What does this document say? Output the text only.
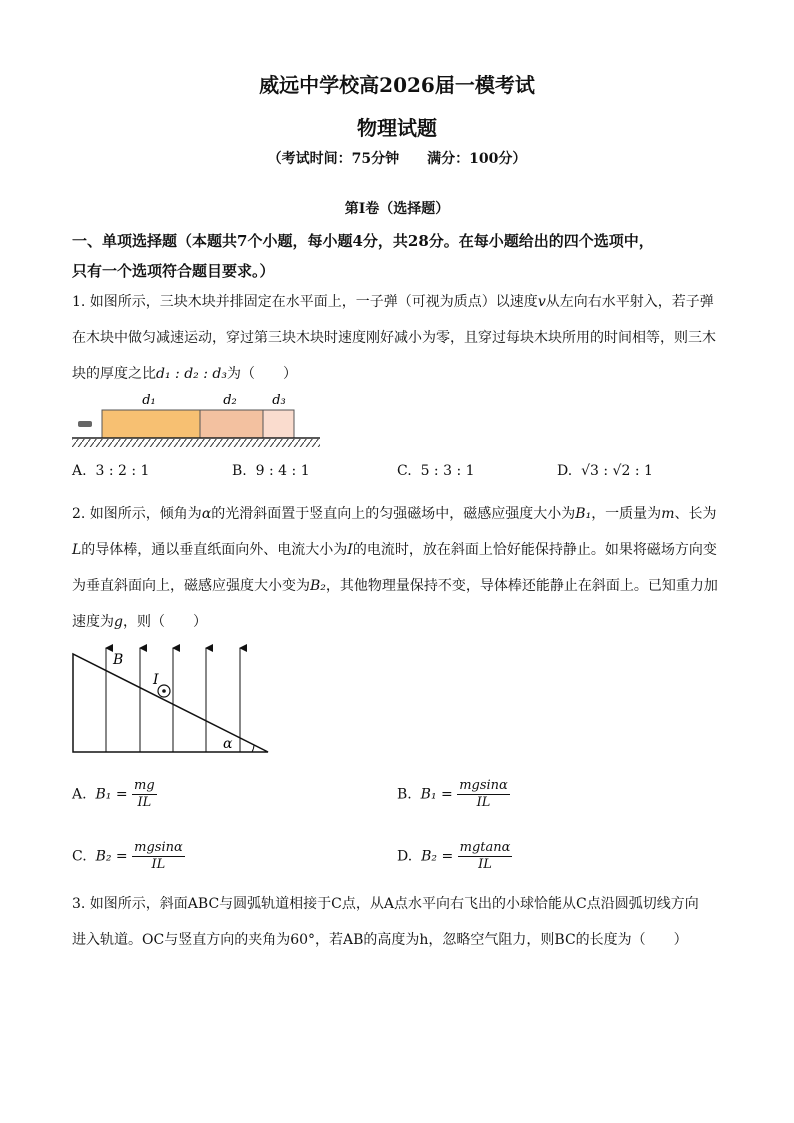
威远中学校高2026届一模考试
物理试题
（考试时间：75分钟　　满分：100分）
第I卷（选择题）
一、单项选择题（本题共7个小题，每小题4分，共28分。在每小题给出的四个选项中，
只有一个选项符合题目要求。）
1. 如图所示，三块木块并排固定在水平面上，一子弹（可视为质点）以速度v从左向右水平射入，若子弹
在木块中做匀减速运动，穿过第三块木块时速度刚好减小为零，且穿过每块木块所用的时间相等，则三木
块的厚度之比d₁ : d₂ : d₃为（　　）
d₁	d₂	d₃
A. 3 : 2 : 1	B. 9 : 4 : 1	C. 5 : 3 : 1	D. √3 : √2 : 1
2. 如图所示，倾角为α的光滑斜面置于竖直向上的匀强磁场中，磁感应强度大小为B₁，一质量为m、长为
L的导体棒，通以垂直纸面向外、电流大小为I的电流时，放在斜面上恰好能保持静止。如果将磁场方向变
为垂直斜面向上，磁感应强度大小变为B₂，其他物理量保持不变，导体棒还能静止在斜面上。已知重力加
速度为g，则（　　）
B
I
α
A. $B_1 = \frac{mg}{IL}$	B. $B_1 = \frac{mgsin\alpha}{IL}$
C. $B_2 = \frac{mgsin\alpha}{IL}$	D. $B_2 = \frac{mgtan\alpha}{IL}$
3. 如图所示，斜面ABC与圆弧轨道相接于C点，从A点水平向右飞出的小球恰能从C点沿圆弧切线方向
进入轨道。OC与竖直方向的夹角为60°，若AB的高度为h，忽略空气阻力，则BC的长度为（　　）
